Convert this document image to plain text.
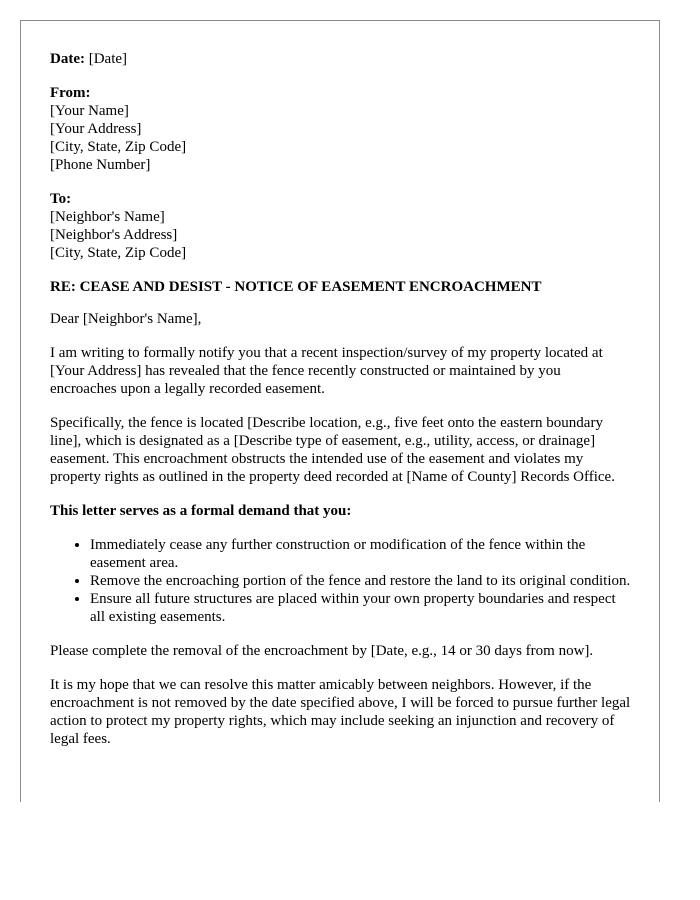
Date: [Date]

From:
[Your Name]
[Your Address]
[City, State, Zip Code]
[Phone Number]
To:
[Neighbor's Name]
[Neighbor's Address]
[City, State, Zip Code]

RE: CEASE AND DESIST - NOTICE OF EASEMENT ENCROACHMENT

Dear [Neighbor's Name],

I am writing to formally notify you that a recent inspection/survey of my property located at [Your Address] has revealed that the fence recently constructed or maintained by you encroaches upon a legally recorded easement.

Specifically, the fence is located [Describe location, e.g., five feet onto the eastern boundary line], which is designated as a [Describe type of easement, e.g., utility, access, or drainage] easement. This encroachment obstructs the intended use of the easement and violates my property rights as outlined in the property deed recorded at [Name of County] Records Office.

This letter serves as a formal demand that you:

• Immediately cease any further construction or modification of the fence within the easement area.
• Remove the encroaching portion of the fence and restore the land to its original condition.
• Ensure all future structures are placed within your own property boundaries and respect all existing easements.

Please complete the removal of the encroachment by [Date, e.g., 14 or 30 days from now].

It is my hope that we can resolve this matter amicably between neighbors. However, if the encroachment is not removed by the date specified above, I will be forced to pursue further legal action to protect my property rights, which may include seeking an injunction and recovery of legal fees.
